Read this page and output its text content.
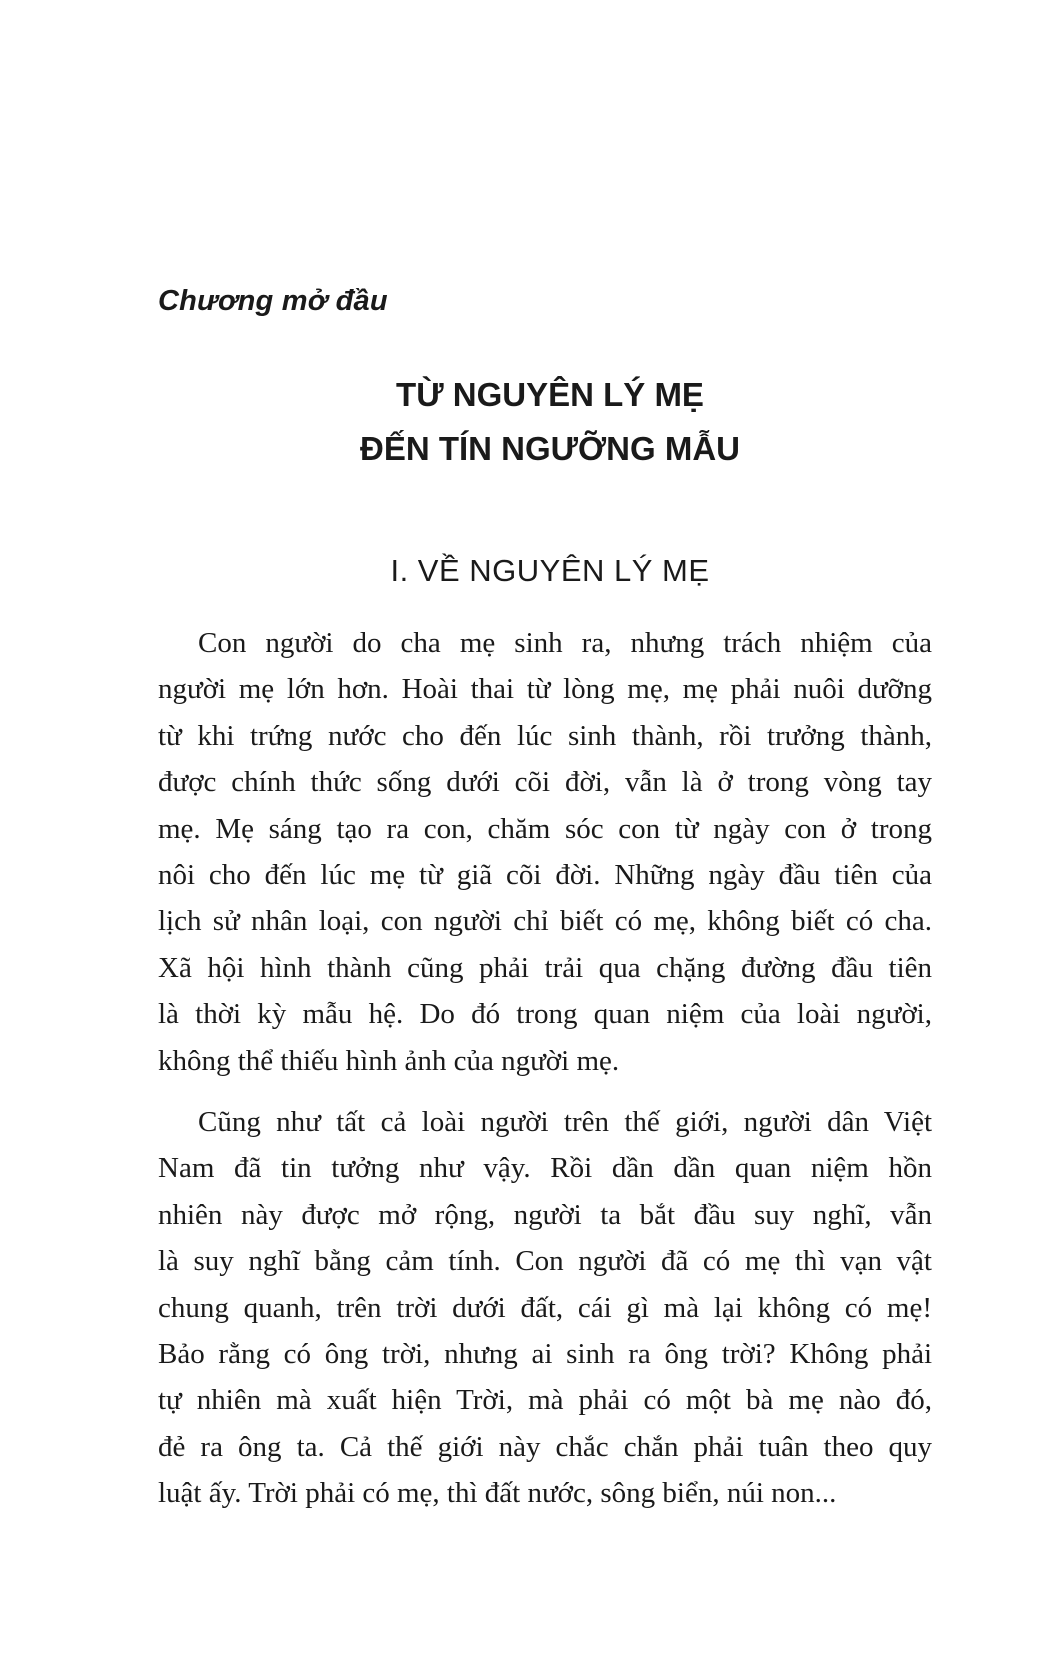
Chương mở đầu
TỪ NGUYÊN LÝ MẸ
ĐẾN TÍN NGƯỠNG MẪU
I. VỀ NGUYÊN LÝ MẸ
Con người do cha mẹ sinh ra, nhưng trách nhiệm của
người mẹ lớn hơn. Hoài thai từ lòng mẹ, mẹ phải nuôi dưỡng
từ khi trứng nước cho đến lúc sinh thành, rồi trưởng thành,
được chính thức sống dưới cõi đời, vẫn là ở trong vòng tay
mẹ. Mẹ sáng tạo ra con, chăm sóc con từ ngày con ở trong
nôi cho đến lúc mẹ từ giã cõi đời. Những ngày đầu tiên của
lịch sử nhân loại, con người chỉ biết có mẹ, không biết có cha.
Xã hội hình thành cũng phải trải qua chặng đường đầu tiên
là thời kỳ mẫu hệ. Do đó trong quan niệm của loài người,
không thể thiếu hình ảnh của người mẹ.
Cũng như tất cả loài người trên thế giới, người dân Việt
Nam đã tin tưởng như vậy. Rồi dần dần quan niệm hồn
nhiên này được mở rộng, người ta bắt đầu suy nghĩ, vẫn
là suy nghĩ bằng cảm tính. Con người đã có mẹ thì vạn vật
chung quanh, trên trời dưới đất, cái gì mà lại không có mẹ!
Bảo rằng có ông trời, nhưng ai sinh ra ông trời? Không phải
tự nhiên mà xuất hiện Trời, mà phải có một bà mẹ nào đó,
đẻ ra ông ta. Cả thế giới này chắc chắn phải tuân theo quy
luật ấy. Trời phải có mẹ, thì đất nước, sông biển, núi non...
